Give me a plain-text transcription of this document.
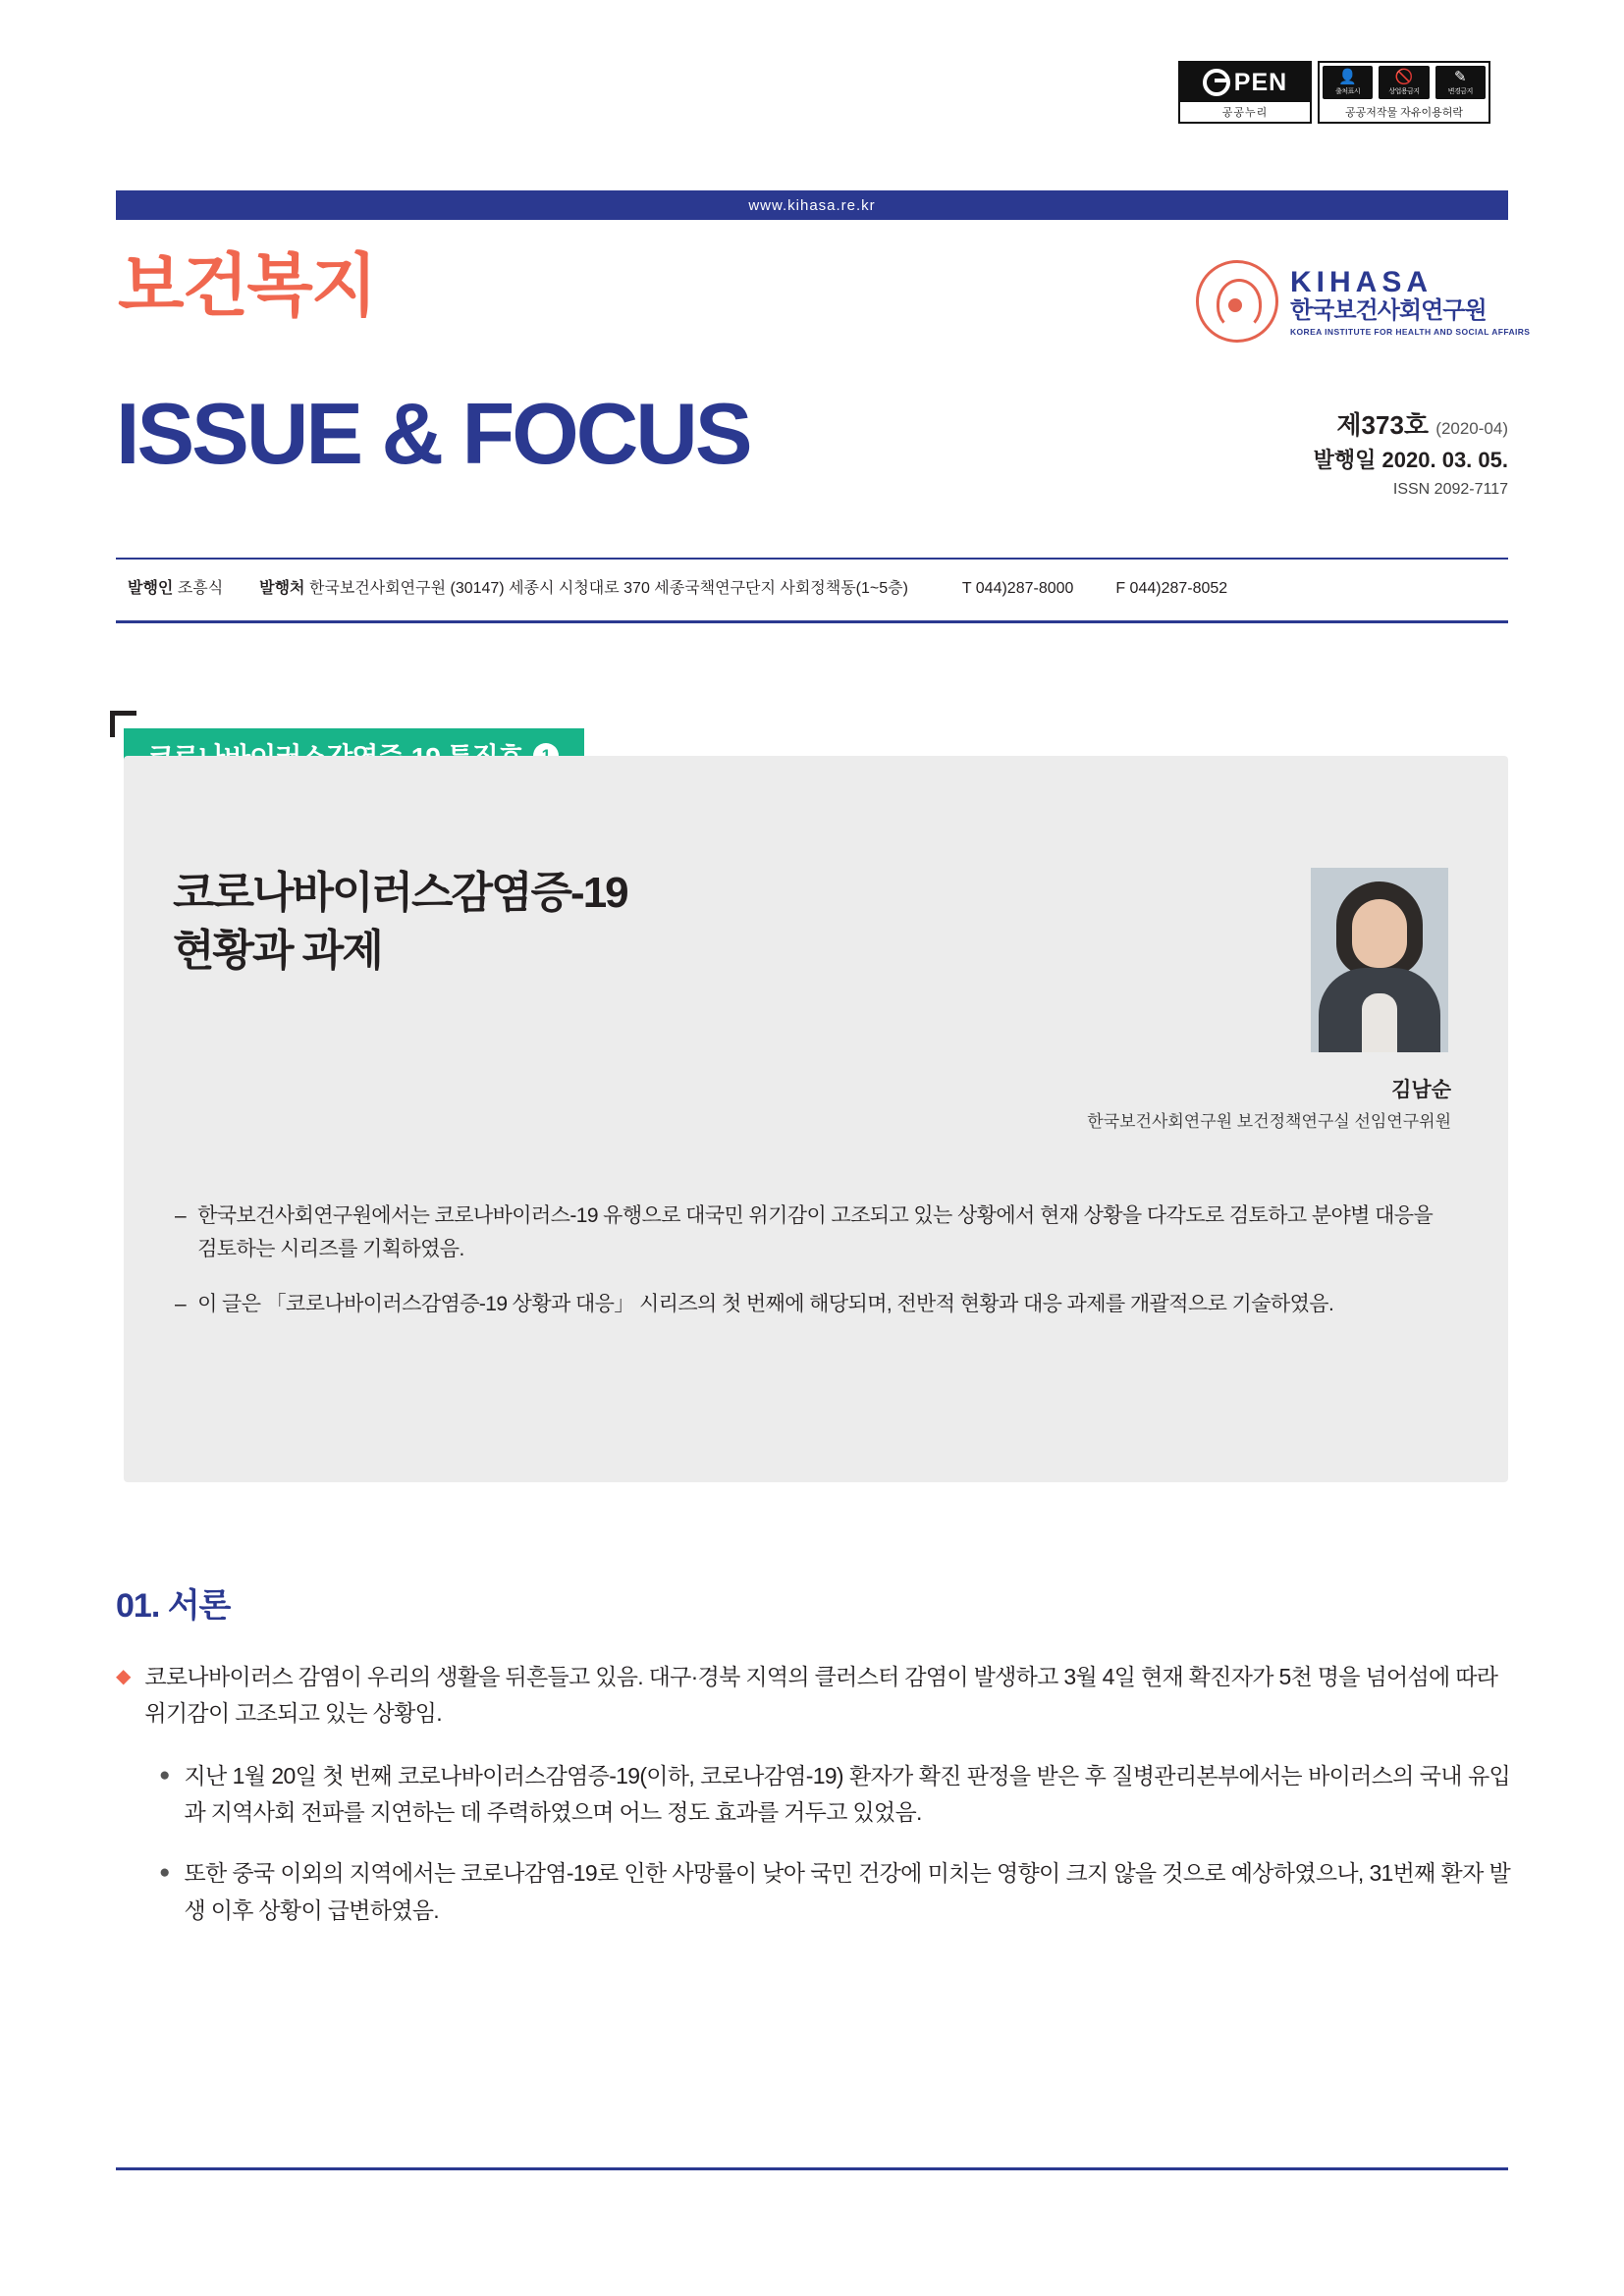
PEN
공공누리
👤
출처표시
🚫
상업용금지
✎
변경금지
공공저작물 자유이용허락
www.kihasa.re.kr
보건복지
ISSUE & FOCUS
KIHASA
한국보건사회연구원
KOREA INSTITUTE FOR HEALTH AND SOCIAL AFFAIRS
제373호 (2020-04)
발행일 2020. 03. 05.
ISSN 2092-7117
발행인 조흥식 발행처 한국보건사회연구원 (30147) 세종시 시청대로 370 세종국책연구단지 사회정책동(1~5층)	T 044)287-8000	F 044)287-8052
코로나바이러스감염증-19
현황과 과제
김남순
한국보건사회연구원 보건정책연구실 선임연구위원
– 한국보건사회연구원에서는 코로나바이러스-19 유행으로 대국민 위기감이 고조되고 있는 상황에서 현재 상황을 다각도로 검토하고 분야별 대응을 검토하는 시리즈를 기획하였음.
– 이 글은 「코로나바이러스감염증-19 상황과 대응」 시리즈의 첫 번째에 해당되며, 전반적 현황과 대응 과제를 개괄적으로 기술하였음.
01. 서론
◆ 코로나바이러스 감염이 우리의 생활을 뒤흔들고 있음. 대구·경북 지역의 클러스터 감염이 발생하고 3월 4일 현재 확진자가 5천 명을 넘어섬에 따라 위기감이 고조되고 있는 상황임.
● 지난 1월 20일 첫 번째 코로나바이러스감염증-19(이하, 코로나감염-19) 환자가 확진 판정을 받은 후 질병관리본부에서는 바이러스의 국내 유입과 지역사회 전파를 지연하는 데 주력하였으며 어느 정도 효과를 거두고 있었음.
● 또한 중국 이외의 지역에서는 코로나감염-19로 인한 사망률이 낮아 국민 건강에 미치는 영향이 크지 않을 것으로 예상하였으나, 31번째 환자 발생 이후 상황이 급변하였음.
